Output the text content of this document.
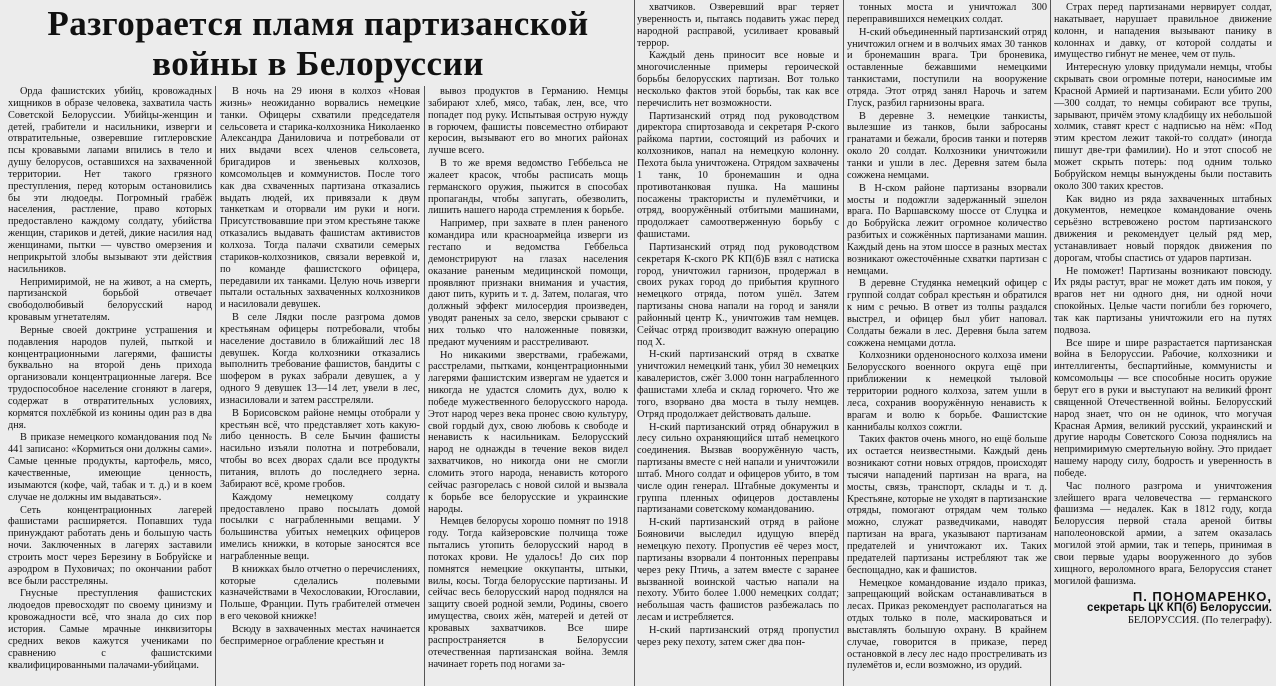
Разгорается пламя партизанской
войны в Белоруссии

Орда фашистских убийц, кровожадных хищников в образе человека, захватила часть Советской Белоруссии. Убийцы-женщин и детей, грабители и насильники, изверги и отвратительные, озверевшие гитлеровские псы кровавыми лапами впились в тело и душу белорусов, оставшихся на захваченной территории. Нет такого грязного преступления, перед которым остановились бы эти людоеды. Погромный грабёж населения, растление, право которых предоставлено каждому солдату, убийства женщин, стариков и детей, дикие насилия над женщинами, пытки — чувство омерзения и неприкрытой злобы вызывают эти действия насильников.

Непримиримой, не на живот, а на смерть, партизанской борьбой отвечает свободолюбивый белорусский народ кровавым угнетателям.

Верные своей доктрине устрашения и подавления народов пулей, пыткой и концентрационными лагерями, фашисты буквально на второй день прихода организовали концентрационные лагеря. Все трудоспособное население сгоняют в лагеря, содержат в отвратительных условиях, кормятся похлёбкой из конины один раз в два дня.

В приказе немецкого командования под № 441 записано: «Кормиться они должны сами». Самые ценные продукты, картофель, мясо, качественные, имеющие ценность, изымаются (кофе, чай, табак и т. д.) и в коем случае не должны им выдаваться».

Сеть концентрационных лагерей фашистами расширяется. Попавших туда принуждают работать день и большую часть ночи. Заключенных в лагерях заставили строить мост через Березину в Бобруйске и аэродром в Пуховичах; по окончании работ все были расстреляны.

Гнусные преступления фашистских людоедов превосходят по своему цинизму и кровожадности всё, что знала до сих пор история. Самые мрачные инквизиторы средних веков кажутся учениками по сравнению с фашистскими квалифицированными палачами-убийцами.

В ночь на 29 июня в колхоз «Новая жизнь» неожиданно ворвались немецкие танки. Офицеры схватили председателя сельсовета и старика-колхозника Николаенко Александра Даниловича и потребовали от них выдачи всех членов сельсовета, бригадиров и звеньевых колхозов, комсомольцев и коммунистов. После того как два схваченных партизана отказались выдать людей, их привязали к двум танкеткам и оторвали им руки и ноги. Присутствовавшие при этом крестьяне также отказались выдавать фашистам активистов колхоза. Тогда палачи схватили семерых стариков-колхозников, связали веревкой и, по команде фашистского офицера, передавили их танками. Целую ночь изверги пытали остальных захваченных колхозников и насиловали девушек.

В селе Лядки после разгрома домов крестьянам офицеры потребовали, чтобы население доставило в ближайший лес 18 девушек. Когда колхозники отказались выполнить требование фашистов, бандиты с шофером в руках забрали девушек, а у одного 9 девушек 13—14 лет, увели в лес, изнасиловали и затем расстреляли.

В Борисовском районе немцы отобрали у крестьян всё, что представляет хоть какую-либо ценность. В селе Бычин фашисты насильно изъяли полотна и потребовали, чтобы во всех дворах сдали все продукты питания, вплоть до последнего зерна. Забирают всё, кроме гробов.

Каждому немецкому солдату предоставлено право посылать домой посылки с награбленными вещами. У большинства убитых немецких офицеров имелись книжки, в которые заносятся все награбленные вещи.

В книжках было отчетно о перечислениях, которые сделались полевыми казначействами в Чехословакии, Югославии, Польше, Франции. Путь грабителей отмечен в его чековой книжке!

Всюду в захваченных местах начинается беспримерное ограбление крестьян и

вывоз продуктов в Германию. Немцы забирают хлеб, мясо, табак, лен, все, что попадет под руку. Испытывая острую нужду в горючем, фашисты повсеместно отбирают керосин, вызывают его во многих районах лучше всего.

В то же время ведомство Геббельса не жалеет красок, чтобы расписать мощь германского оружия, пыжится в способах пропаганды, чтобы запугать, обезволить, лишить нашего народа стремления к борьбе.

Например, при захвате в плен раненого командира или красноармейца изверги из гестапо и ведомства Геббельса демонстрируют на глазах населения оказание раненым медицинской помощи, проявляют признаки внимания и участия, дают пить, курить и т. д. Затем, полагая, что должный эффект милосердия произведен, уводят раненых за село, зверски срывают с них только что наложенные повязки, предают мучениям и расстреливают.

Но никакими зверствами, грабежами, расстрелами, пытками, концентрационными лагерями фашистским извергам не удается и никогда не удастся сломить дух, волю к победе мужественного белорусского народа. Этот народ через века пронес свою культуру, свой гордый дух, свою любовь к свободе и ненависть к насильникам. Белорусский народ не однажды в течение веков видел захватчиков, но никогда они не смогли сломить этого народа, ненависть которого сейчас разгорелась с новой силой и вызвала к борьбе все белорусские и украинские народы.

Немцев белорусы хорошо помнят по 1918 году. Тогда кайзеровские полчища тоже пытались утопить белорусский народ в потоках крови. Не удалось! До сих пор помнятся немецкие оккупанты, штыки, вилы, косы. Тогда белорусские партизаны. И сейчас весь белорусский народ поднялся на защиту своей родной земли, Родины, своего имущества, своих жён, матерей и детей от кровавых захватчиков. Все шире распространяется в Белоруссии отечественная партизанская война. Земля начинает гореть под ногами за-

хватчиков. Озверевший враг теряет уверенность и, пытаясь подавить ужас перед народной расправой, усиливает кровавый террор.

Каждый день приносит все новые и многочисленные примеры героической борьбы белорусских партизан. Вот только несколько фактов этой борьбы, так как все перечислить нет возможности.

Партизанский отряд под руководством директора спиртозавода и секретаря Р-ского райкома партии, состоящий из рабочих и колхозников, напал на немецкую колонну. Пехота была уничтожена. Отрядом захвачены 1 танк, 10 бронемашин и одна противотанковая пушка. На машины посажены трактористы и пулемётчики, и отряд, вооружённый отбитыми машинами, продолжает самоотверженную борьбу с фашистами.

Партизанский отряд под руководством секретаря К-ского РК КП(б)Б взял с натиска город, уничтожил гарнизон, продержал в своих руках город до прибытия крупного немецкого отряда, потом ушёл. Затем партизаны снова напали на город и заняли районный центр К., уничтожив там немцев. Сейчас отряд производит важную операцию под Х.

Н-ский партизанский отряд в схватке уничтожил немецкий танк, убил 30 немецких кавалеристов, сжёг 3.000 тонн награбленного фашистами хлеба и склад горючего. Что же того, взорвано два моста в тылу немцев. Отряд продолжает действовать дальше.

Н-ский партизанский отряд обнаружил в лесу сильно охраняющийся штаб немецкого соединения. Вызвав вооружённую часть, партизаны вместе с ней напали и уничтожили штаб. Много солдат и офицеров убито, в том числе один генерал. Штабные документы и группа пленных офицеров доставлены партизанами советскому командованию.

Н-ский партизанский отряд в районе Бояновичи выследил идущую вперёд немецкую пехоту. Пропустив её через мост, партизаны взорвали 4 понтонных переправы через реку Птичь, а затем вместе с заранее вызванной воинской частью напали на пехоту. Убито более 1.000 немецких солдат; небольшая часть фашистов разбежалась по лесам и истребляется.

Н-ский партизанский отряд пропустил через реку пехоту, затем сжег два пон-

тонных моста и уничтожал 300 переправившихся немецких солдат.

Н-ский объединенный партизанский отряд уничтожил огнем и в волчьих ямах 30 танков и бронемашин врага. Три броневика, оставленные бежавшими немецкими танкистами, поступили на вооружение отряда. Этот отряд занял Нарочь и затем Глуск, разбил гарнизоны врага.

В деревне З. немецкие танкисты, вылезшие из танков, были забросаны гранатами и бежали, бросив танки и потеряв около 20 солдат. Колхозники уничтожили танки и ушли в лес. Деревня затем была сожжена немцами.

В Н-ском районе партизаны взорвали мосты и подожгли задержанный эшелон врага. По Варшавскому шоссе от Слуцка и до Бобруйска лежит огромное количество разбитых и сожжённых партизанами машин. Каждый день на этом шоссе в разных местах возникают ожесточённые схватки партизан с немцами.

В деревне Студянка немецкий офицер с группой солдат собрал крестьян и обратился к ним с речью. В ответ из толпы раздался выстрел, и офицер был убит наповал. Солдаты бежали в лес. Деревня была затем сожжена немцами дотла.

Колхозники орденоносного колхоза имени Белорусского военного округа ещё при приближении к немецкой тыловой территории родного колхоза, затем ушли в леса, сохранив вооружённую ненависть к врагам и волю к борьбе. Фашистские каннибалы колхоз сожгли.

Таких фактов очень много, но ещё больше их остается неизвестными. Каждый день возникают сотни новых отрядов, происходят тысячи нападений партизан на врага, на мосты, связь, транспорт, склады и т. д. Крестьяне, которые не уходят в партизанские отряды, помогают отрядам чем только можно, служат разведчиками, наводят партизан на врага, указывают партизанам предателей и уничтожают их. Таких предателей партизаны истребляют так же беспощадно, как и фашистов.

Немецкое командование издало приказ, запрещающий войскам останавливаться в лесах. Приказ рекомендует располагаться на отдых только в поле, маскироваться и выставлять большую охрану. В крайнем случае, говорится в приказе, перед остановкой в лесу лес надо простреливать из пулемётов и, если возможно, из орудий.

Страх перед партизанами нервирует солдат, накатывает, нарушает правильное движение колонн, и нападения вызывают панику в колоннах и давку, от которой солдаты и имущество гибнут не менее, чем от пуль.

Интересную уловку придумали немцы, чтобы скрывать свои огромные потери, наносимые им Красной Армией и партизанами. Если убито 200—300 солдат, то немцы собирают все трупы, зарывают, причём этому кладбищу их небольшой холмик, ставят крест с надписью на нём: «Под этим крестом лежит такой-то солдат» (иногда пишут две-три фамилии). Но и этот способ не может скрыть потерь: под одним только Бобруйском немцы вынуждены были поставить около 300 таких крестов.

Как видно из ряда захваченных штабных документов, немецкое командование очень серьёзно встревожено ростом партизанского движения и рекомендует целый ряд мер, устанавливает новый порядок движения по дорогам, чтобы спастись от ударов партизан.

Не поможет! Партизаны возникают повсюду. Их ряды растут, враг не может дать им покоя, у врагов нет ни одного дня, ни одной ночи спокойных. Целые части погибли без горючего, так как партизаны уничтожили его на путях подвоза.

Все шире и шире разрастается партизанская война в Белоруссии. Рабочие, колхозники и интеллигенты, беспартийные, коммунисты и комсомольцы — все способные носить оружие берут его в руки и выступают на великий фронт священной Отечественной войны. Белорусский народ знает, что он не одинок, что могучая Красная Армия, великий русский, украинский и другие народы Советского Союза поднялись на непримиримую смертельную войну. Это придает нашему народу силу, бодрость и уверенность в победе.

Час полного разгрома и уничтожения злейшего врага человечества — германского фашизма — недалек. Как в 1812 году, когда Белоруссия первой стала ареной битвы наполеоновской армии, а затем оказалась могилой этой армии, так и теперь, принимая в свои первые удары вооруженного до зубов хищного, вероломного врага, Белоруссия станет могилой фашизма.

П. ПОНОМАРЕНКО,
секретарь ЦК КП(б) Белоруссии.
БЕЛОРУССИЯ. (По телеграфу).
